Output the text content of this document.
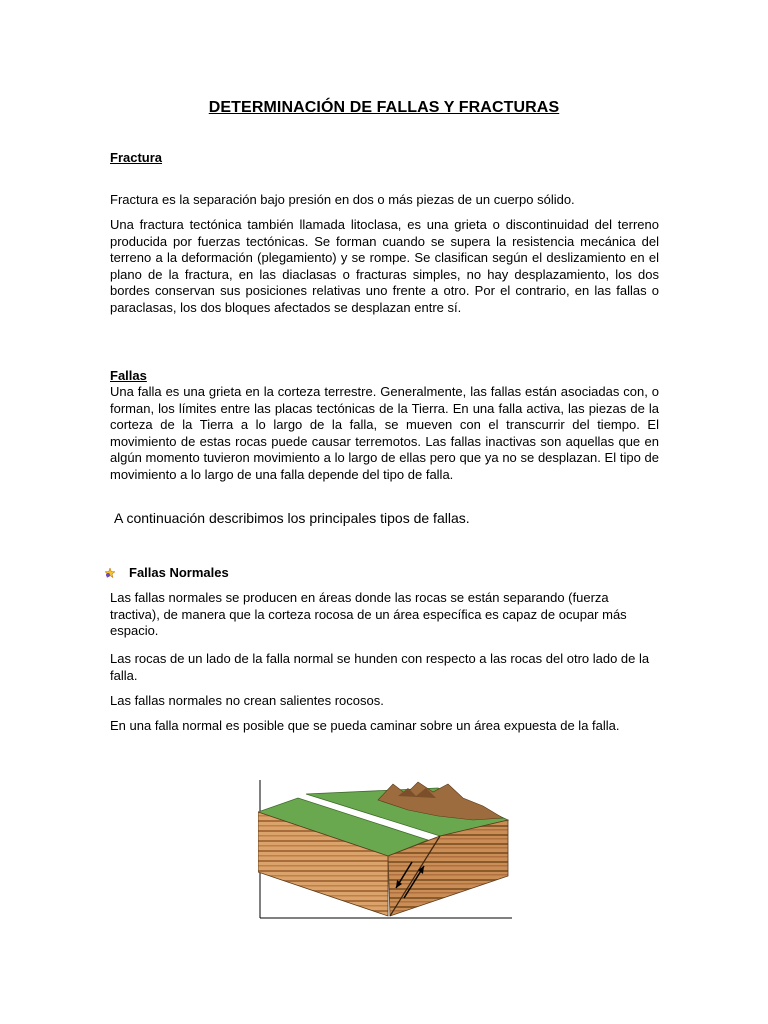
DETERMINACIÓN DE FALLAS Y FRACTURAS
Fractura
Fractura es la separación bajo presión en dos o más piezas de un cuerpo sólido.
Una fractura tectónica también llamada litoclasa, es una grieta o discontinuidad del terreno producida por fuerzas tectónicas. Se forman cuando se supera la resistencia mecánica del terreno a la deformación (plegamiento) y se rompe. Se clasifican según el deslizamiento en el plano de la fractura, en las diaclasas o fracturas simples, no hay desplazamiento, los dos bordes conservan sus posiciones relativas uno frente a otro. Por el contrario, en las fallas o paraclasas, los dos bloques afectados se desplazan entre sí.
Fallas
Una falla es una grieta en la corteza terrestre. Generalmente, las fallas están asociadas con, o forman, los límites entre las placas tectónicas de la Tierra. En una falla activa, las piezas de la corteza de la Tierra a lo largo de la falla, se mueven con el transcurrir del tiempo. El movimiento de estas rocas puede causar terremotos. Las fallas inactivas son aquellas que en algún momento tuvieron movimiento a lo largo de ellas pero que ya no se desplazan. El tipo de movimiento a lo largo de una falla depende del tipo de falla.
A continuación describimos los principales tipos de fallas.
Fallas Normales
Las fallas normales se producen en áreas donde las rocas se están separando (fuerza tractiva), de manera que la corteza rocosa de un área específica es capaz de ocupar más espacio.
Las rocas de un lado de la falla normal se hunden con respecto a las rocas del otro lado de la falla.
Las fallas normales no crean salientes rocosos.
En una falla normal es posible que se pueda caminar sobre un área expuesta de la falla.
